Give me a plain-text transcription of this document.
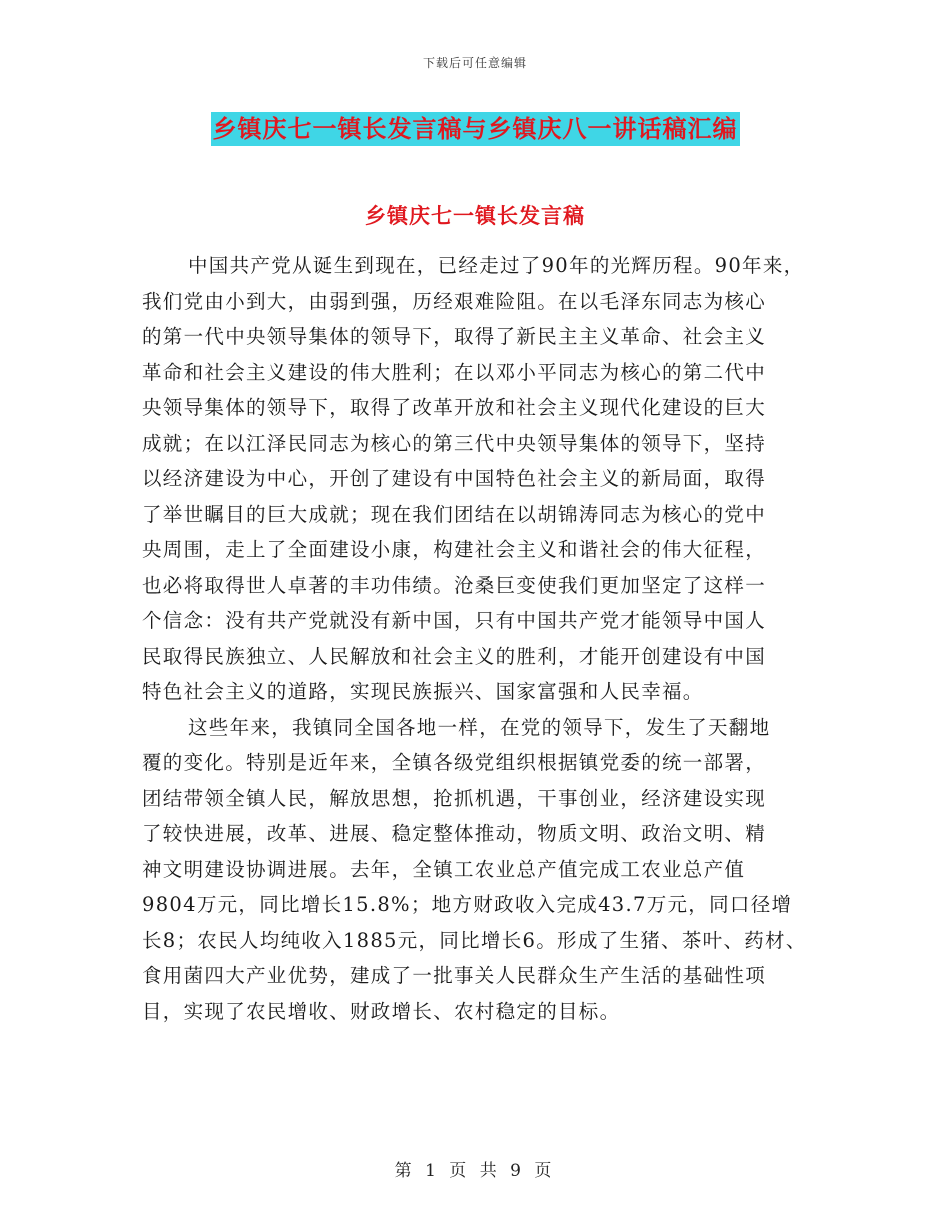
下载后可任意编辑
乡镇庆七一镇长发言稿与乡镇庆八一讲话稿汇编
乡镇庆七一镇长发言稿
中国共产党从诞生到现在，已经走过了90年的光辉历程。90年来，
我们党由小到大，由弱到强，历经艰难险阻。在以毛泽东同志为核心
的第一代中央领导集体的领导下，取得了新民主主义革命、社会主义
革命和社会主义建设的伟大胜利；在以邓小平同志为核心的第二代中
央领导集体的领导下，取得了改革开放和社会主义现代化建设的巨大
成就；在以江泽民同志为核心的第三代中央领导集体的领导下，坚持
以经济建设为中心，开创了建设有中国特色社会主义的新局面，取得
了举世瞩目的巨大成就；现在我们团结在以胡锦涛同志为核心的党中
央周围，走上了全面建设小康，构建社会主义和谐社会的伟大征程，
也必将取得世人卓著的丰功伟绩。沧桑巨变使我们更加坚定了这样一
个信念：没有共产党就没有新中国，只有中国共产党才能领导中国人
民取得民族独立、人民解放和社会主义的胜利，才能开创建设有中国
特色社会主义的道路，实现民族振兴、国家富强和人民幸福。
这些年来，我镇同全国各地一样，在党的领导下，发生了天翻地
覆的变化。特别是近年来，全镇各级党组织根据镇党委的统一部署，
团结带领全镇人民，解放思想，抢抓机遇，干事创业，经济建设实现
了较快进展，改革、进展、稳定整体推动，物质文明、政治文明、精
神文明建设协调进展。去年，全镇工农业总产值完成工农业总产值
9804万元，同比增长15.8%；地方财政收入完成43.7万元，同口径增
长8；农民人均纯收入1885元，同比增长6。形成了生猪、茶叶、药材、
食用菌四大产业优势，建成了一批事关人民群众生产生活的基础性项
目，实现了农民增收、财政增长、农村稳定的目标。
第 1 页 共 9 页
